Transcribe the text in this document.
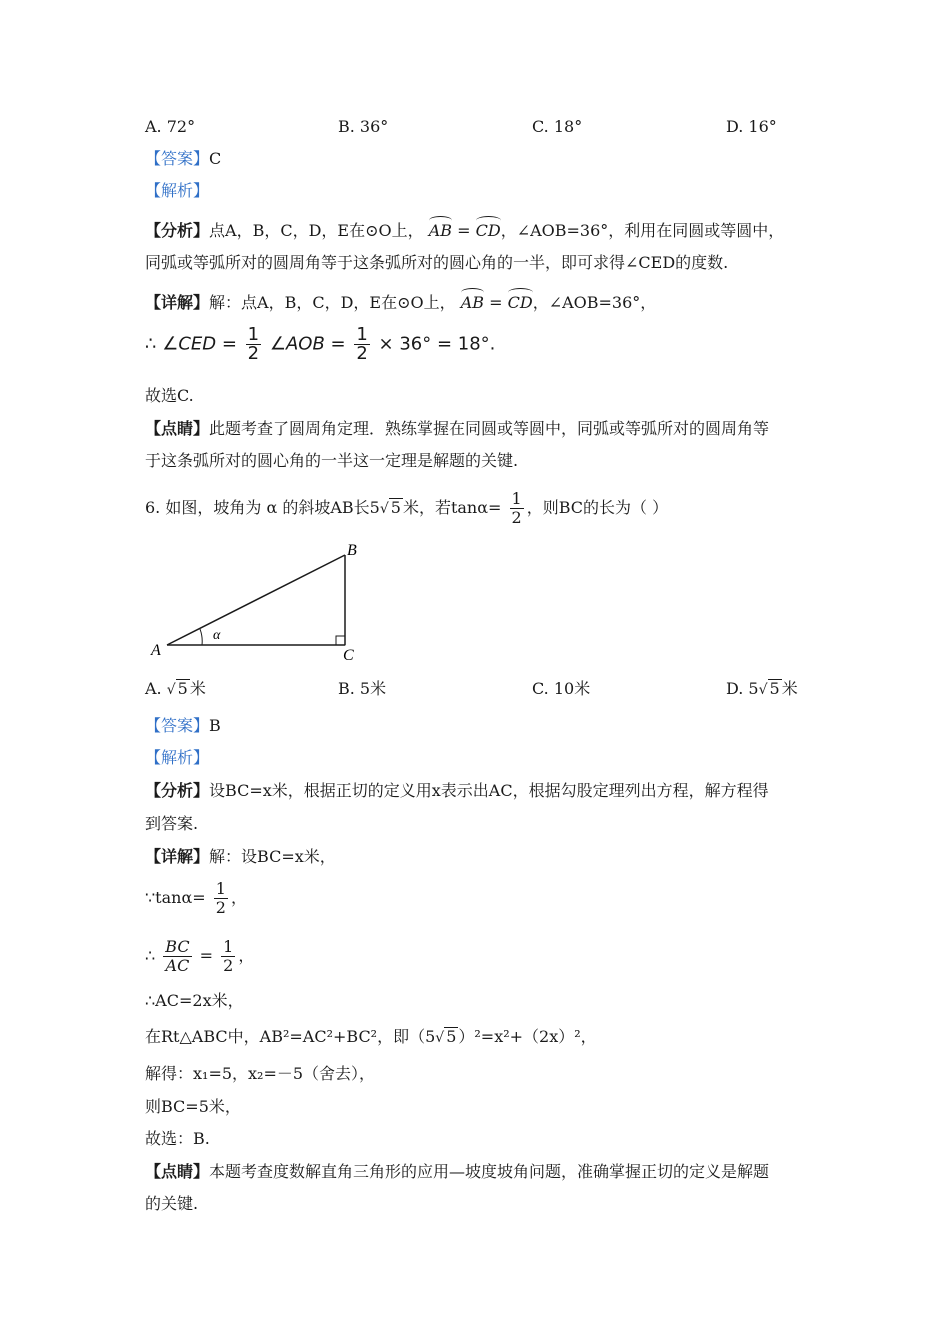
A. 72°	B. 36°	C. 18°	D. 16°
【答案】C
【解析】
【分析】点A，B，C，D，E在⊙O上， AB = CD，∠AOB=36°，利用在同圆或等圆中，
同弧或等弧所对的圆周角等于这条弧所对的圆心角的一半，即可求得∠CED的度数.
【详解】解：点A，B，C，D，E在⊙O上， AB = CD，∠AOB=36°，
∴ ∠CED = $\frac{1}{2}$ ∠AOB = $\frac{1}{2} \times 36^\circ = 18^\circ$.
故选C.
【点睛】此题考查了圆周角定理．熟练掌握在同圆或等圆中，同弧或等弧所对的圆周角等
于这条弧所对的圆心角的一半这一定理是解题的关键.
6. 如图，坡角为 α 的斜坡AB长5√ 5 米，若$\tan\alpha= \frac{1}{2}$ ，则BC的长为（ ）
A
B
C
α
A. √ 5 米	B. 5米	C. 10米	D. 5√ 5 米
【答案】B
【解析】
【分析】设BC=x米，根据正切的定义用x表示出AC，根据勾股定理列出方程，解方程得
到答案.
【详解】解：设BC=x米，
∵tanα= $\frac{1}{2}$ ，
∴ $\frac{BC}{AC} = \frac{1}{2}$ ，
∴AC=2x米，
在Rt△ABC中，AB²=AC²+BC²，即（5√ 5 ）²=x²+（2x）²，
解得：x₁=5，x₂=－5（舍去），
则BC=5米，
故选：B.
【点睛】本题考查度数解直角三角形的应用—坡度坡角问题，准确掌握正切的定义是解题
的关键.
